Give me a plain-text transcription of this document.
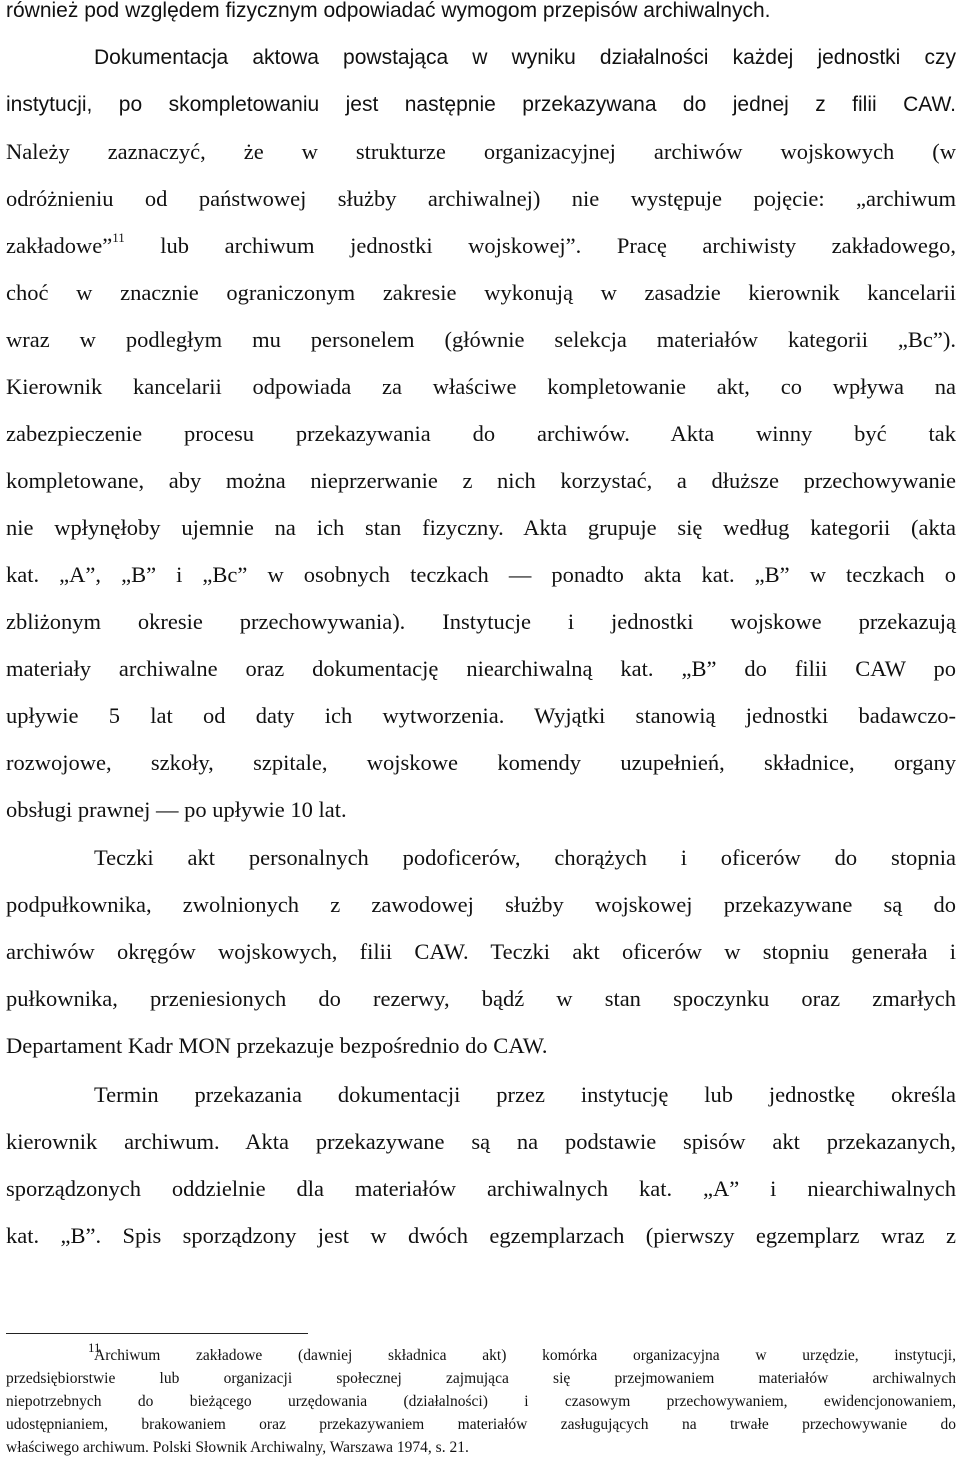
również pod względem fizycznym odpowiadać wymogom przepisów archiwalnych.
Dokumentacja aktowa powstająca w wyniku działalności każdej jednostki czy
instytucji, po skompletowaniu jest następnie przekazywana do jednej z filii CAW.
Należy zaznaczyć, że w strukturze organizacyjnej archiwów wojskowych (w
odróżnieniu od państwowej służby archiwalnej) nie występuje pojęcie: „archiwum
zakładowe”$^{11}$ lub archiwum jednostki wojskowej”. Pracę archiwisty zakładowego,
choć w znacznie ograniczonym zakresie wykonują w zasadzie kierownik kancelarii
wraz w podległym mu personelem (głównie selekcja materiałów kategorii „Bc”).
Kierownik kancelarii odpowiada za właściwe kompletowanie akt, co wpływa na
zabezpieczenie procesu przekazywania do archiwów. Akta winny być tak
kompletowane, aby można nieprzerwanie z nich korzystać, a dłuższe przechowywanie
nie wpłynęłoby ujemnie na ich stan fizyczny. Akta grupuje się według kategorii (akta
kat. „A”, „B” i „Bc” w osobnych teczkach — ponadto akta kat. „B” w teczkach o
zbliżonym okresie przechowywania). Instytucje i jednostki wojskowe przekazują
materiały archiwalne oraz dokumentację niearchiwalną kat. „B” do filii CAW po
upływie 5 lat od daty ich wytworzenia. Wyjątki stanowią jednostki badawczo-
rozwojowe, szkoły, szpitale, wojskowe komendy uzupełnień, składnice, organy
obsługi prawnej — po upływie 10 lat.
Teczki akt personalnych podoficerów, chorążych i oficerów do stopnia
podpułkownika, zwolnionych z zawodowej służby wojskowej przekazywane są do
archiwów okręgów wojskowych, filii CAW. Teczki akt oficerów w stopniu generała i
pułkownika, przeniesionych do rezerwy, bądź w stan spoczynku oraz zmarłych
Departament Kadr MON przekazuje bezpośrednio do CAW.
Termin przekazania dokumentacji przez instytucję lub jednostkę określa
kierownik archiwum. Akta przekazywane są na podstawie spisów akt przekazanych,
sporządzonych oddzielnie dla materiałów archiwalnych kat. „A” i niearchiwalnych
kat. „B”. Spis sporządzony jest w dwóch egzemplarzach (pierwszy egzemplarz wraz z
11
Archiwum zakładowe (dawniej składnica akt) komórka organizacyjna w urzędzie, instytucji,
przedsiębiorstwie lub organizacji społecznej zajmująca się przejmowaniem materiałów archiwalnych
niepotrzebnych do bieżącego urzędowania (działalności) i czasowym przechowywaniem, ewidencjonowaniem,
udostępnianiem, brakowaniem oraz przekazywaniem materiałów zasługujących na trwałe przechowywanie do
właściwego archiwum. Polski Słownik Archiwalny, Warszawa 1974, s. 21.
